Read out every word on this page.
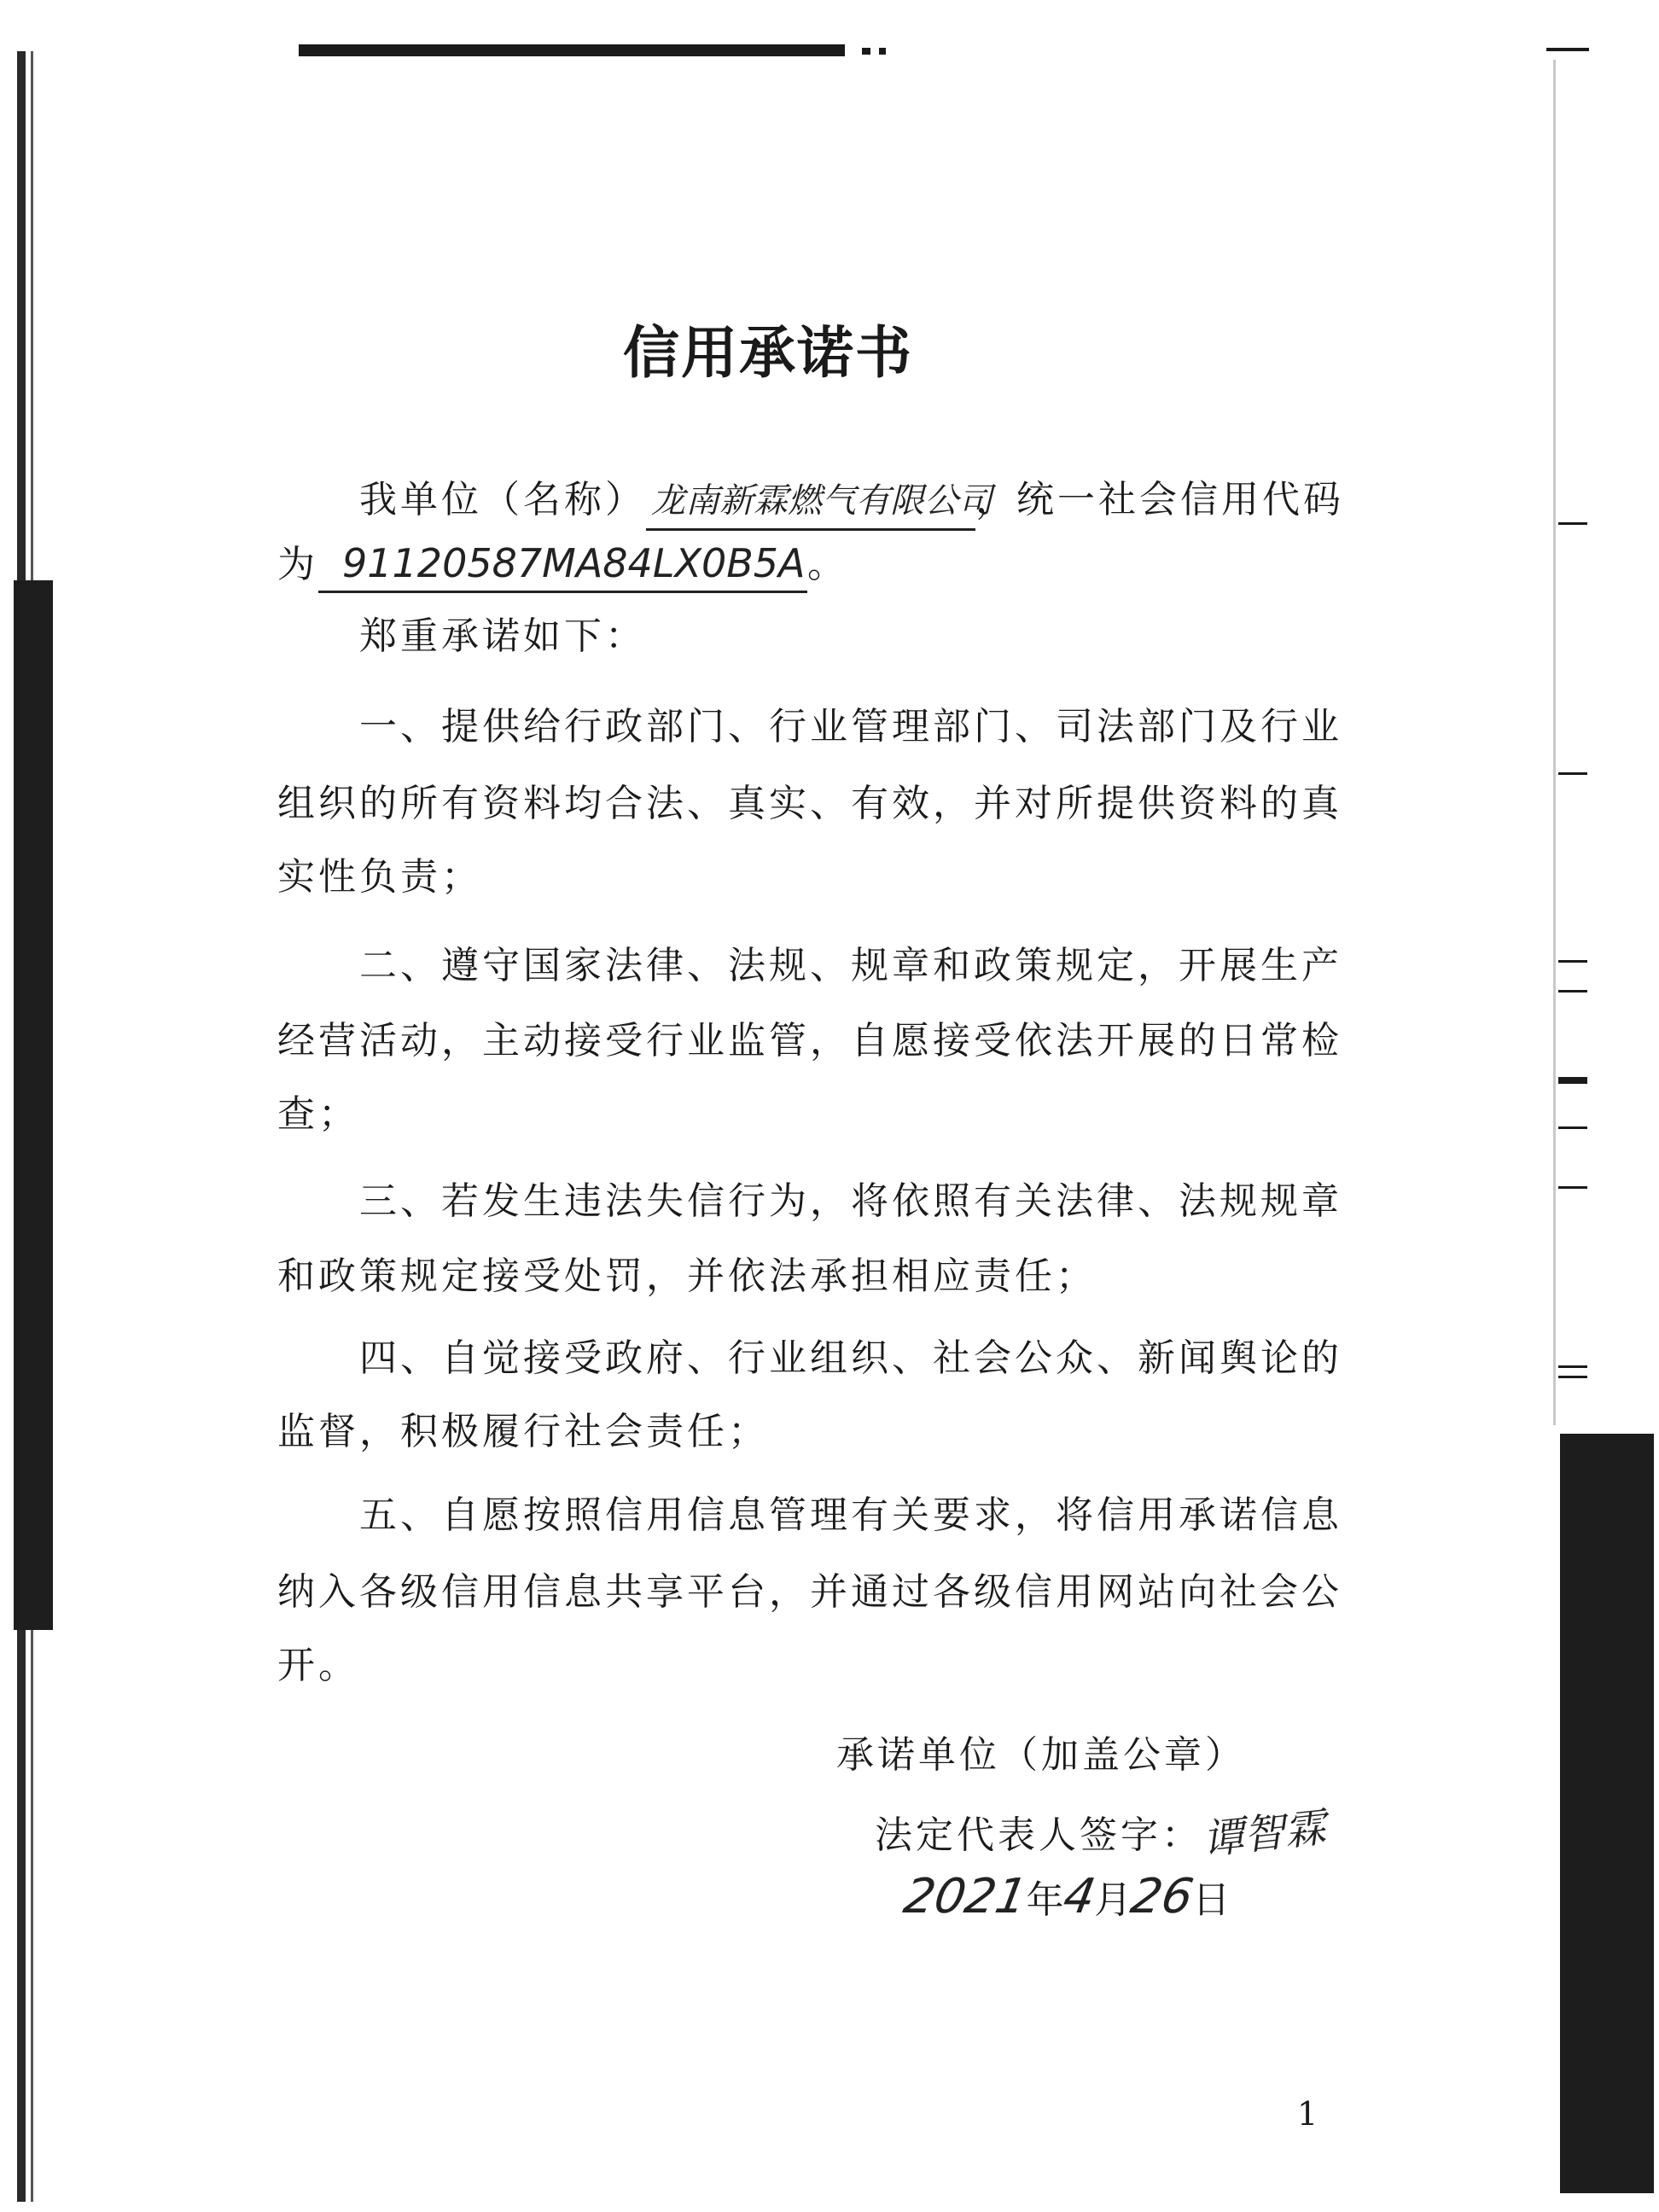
信用承诺书
我单位（名称） 龙南新霖燃气有限公司，统一社会信用代码
为 91120587MA84LX0B5A。
郑重承诺如下：
一、提供给行政部门、行业管理部门、司法部门及行业
组织的所有资料均合法、真实、有效，并对所提供资料的真
实性负责；
二、遵守国家法律、法规、规章和政策规定，开展生产
经营活动，主动接受行业监管，自愿接受依法开展的日常检
查；
三、若发生违法失信行为，将依照有关法律、法规规章
和政策规定接受处罚，并依法承担相应责任；
四、自觉接受政府、行业组织、社会公众、新闻舆论的
监督，积极履行社会责任；
五、自愿按照信用信息管理有关要求，将信用承诺信息
纳入各级信用信息共享平台，并通过各级信用网站向社会公
开。
承诺单位（加盖公章）
法定代表人签字：谭智霖
2021年4月26日
1
